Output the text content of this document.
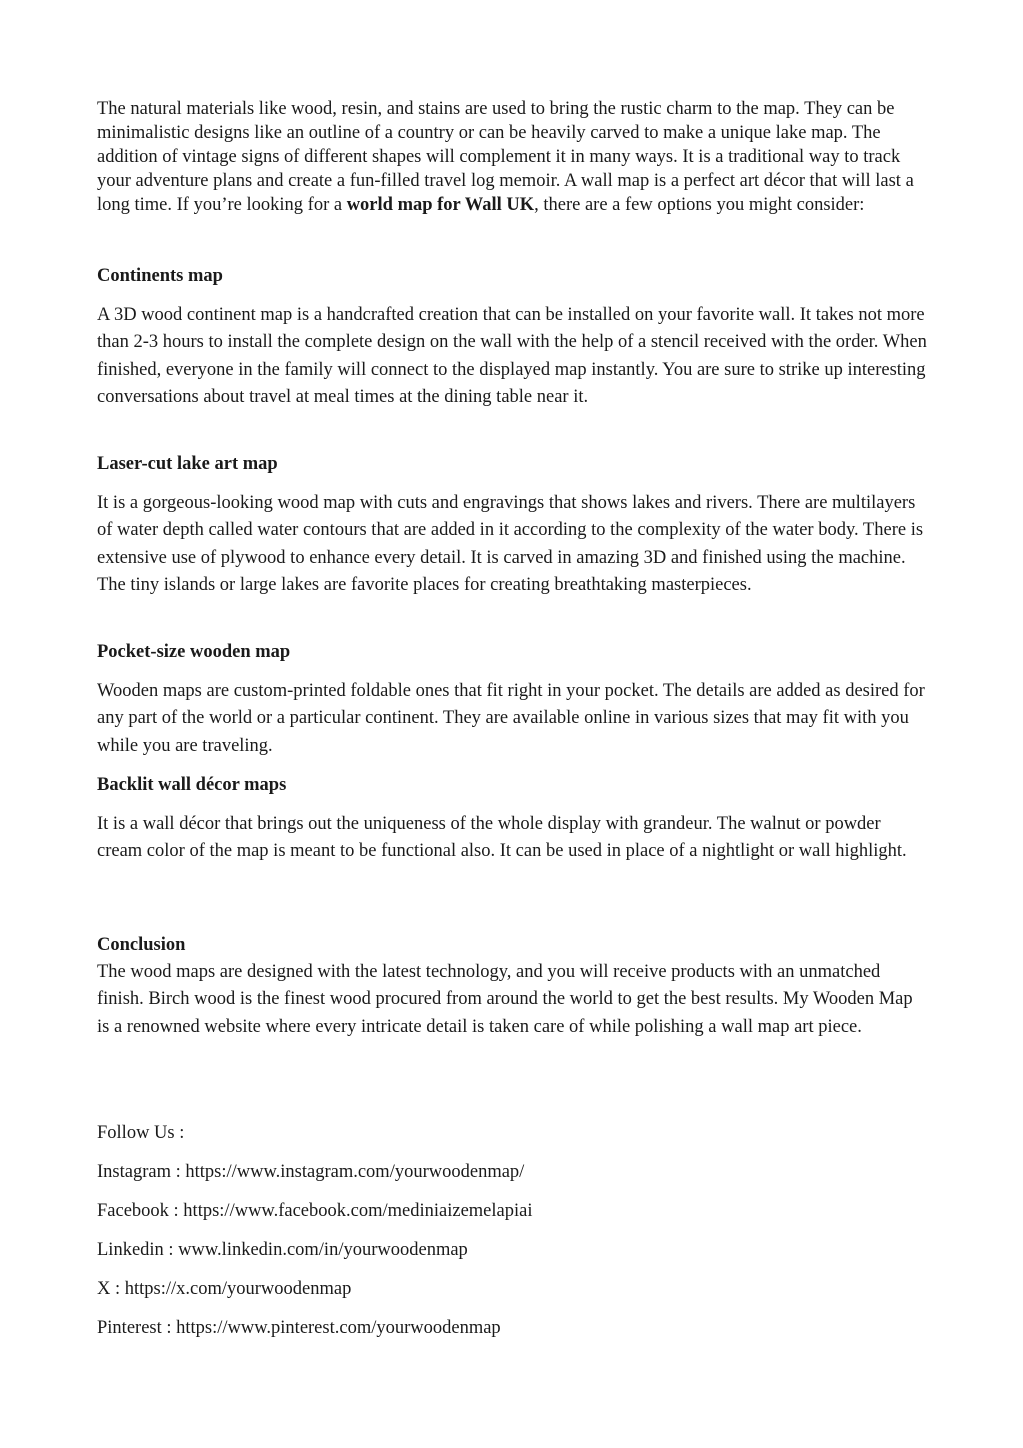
The natural materials like wood, resin, and stains are used to bring the rustic charm to the map. They can be minimalistic designs like an outline of a country or can be heavily carved to make a unique lake map. The addition of vintage signs of different shapes will complement it in many ways. It is a traditional way to track your adventure plans and create a fun-filled travel log memoir. A wall map is a perfect art décor that will last a long time. If you’re looking for a world map for Wall UK, there are a few options you might consider:

Continents map

A 3D wood continent map is a handcrafted creation that can be installed on your favorite wall. It takes not more than 2-3 hours to install the complete design on the wall with the help of a stencil received with the order. When finished, everyone in the family will connect to the displayed map instantly. You are sure to strike up interesting conversations about travel at meal times at the dining table near it.

Laser-cut lake art map

It is a gorgeous-looking wood map with cuts and engravings that shows lakes and rivers. There are multilayers of water depth called water contours that are added in it according to the complexity of the water body. There is extensive use of plywood to enhance every detail. It is carved in amazing 3D and finished using the machine. The tiny islands or large lakes are favorite places for creating breathtaking masterpieces.

Pocket-size wooden map

Wooden maps are custom-printed foldable ones that fit right in your pocket. The details are added as desired for any part of the world or a particular continent. They are available online in various sizes that may fit with you while you are traveling.

Backlit wall décor maps

It is a wall décor that brings out the uniqueness of the whole display with grandeur. The walnut or powder cream color of the map is meant to be functional also. It can be used in place of a nightlight or wall highlight.

Conclusion

The wood maps are designed with the latest technology, and you will receive products with an unmatched finish. Birch wood is the finest wood procured from around the world to get the best results. My Wooden Map is a renowned website where every intricate detail is taken care of while polishing a wall map art piece.

Follow Us :

Instagram : https://www.instagram.com/yourwoodenmap/

Facebook : https://www.facebook.com/mediniaizemelapiai

Linkedin : www.linkedin.com/in/yourwoodenmap

X : https://x.com/yourwoodenmap

Pinterest : https://www.pinterest.com/yourwoodenmap
